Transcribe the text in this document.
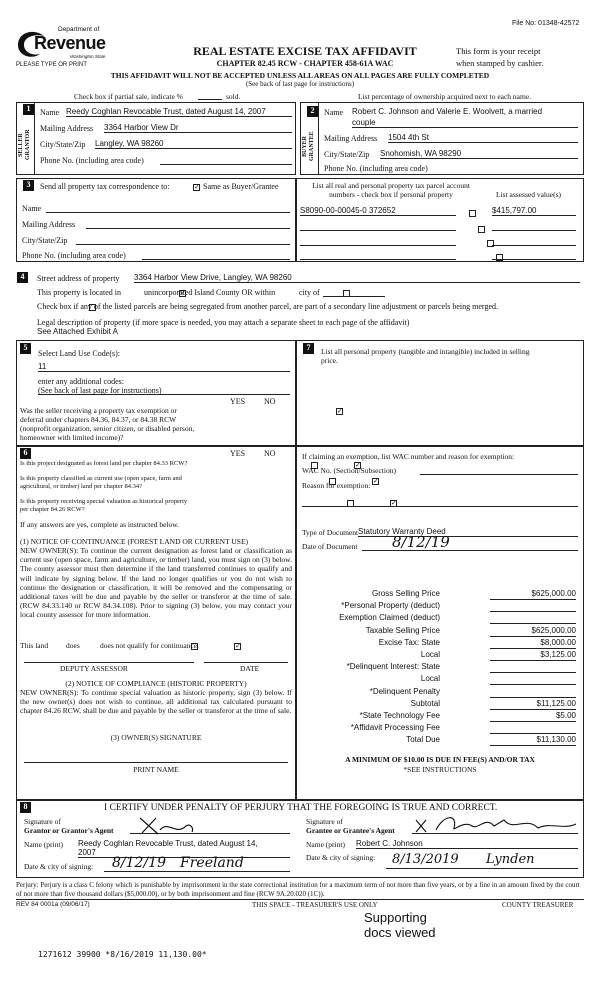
File No: 01348-42572
Department of
Revenue
Washington State
PLEASE TYPE OR PRINT
REAL ESTATE EXCISE TAX AFFIDAVIT
CHAPTER 82.45 RCW - CHAPTER 458-61A WAC
This form is your receipt
when stamped by cashier.
THIS AFFIDAVIT WILL NOT BE ACCEPTED UNLESS ALL AREAS ON ALL PAGES ARE FULLY COMPLETED
(See back of last page for instructions)
Check box if partial sale, indicate %	sold.	List percentage of ownership acquired next to each name.
1
SELLER GRANTOR
Name Reedy Coghlan Revocable Trust, dated August 14, 2007
Mailing Address 3364 Harbor View Dr
City/State/Zip Langley, WA 98260
Phone No. (including area code)
2
BUYER GRANTEE
Name Robert C. Johnson and Valerie E. Woolvett, a married
couple
Mailing Address 1504 4th St
City/State/Zip Snohomish, WA 98290
Phone No. (including area code)
3	Send all property tax correspondence to: ✓	Same as Buyer/Grantee
Name
Mailing Address
City/State/Zip
Phone No. (including area code)
List all real and personal property tax parcel account
numbers - check box if personal property	List assessed value(s)
S8090-00-00045-0 372652
	$415,797.00

4	Street address of property 3364 Harbor View Drive, Langley, WA 98260
This property is located in ✓	unincorporated Island County OR within
	city of

Check box if any of the listed parcels are being segregated from another parcel, are part of a secondary line adjustment or parcels being merged.
Legal description of property (if more space is needed, you may attach a separate sheet to each page of the affidavit)
See Attached Exhibit A
5
Select Land Use Code(s):
11
enter any additional codes:
(See back of last page for instructions)
YES NO
Was the seller receiving a property tax exemption or
deferral under chapters 84.36, 84.37, or 84.38 RCW
(nonprofit organization, senior citizen, or disabled person,
homeowner with limited income)?
✓
7	List all personal property (tangible and intangible) included in selling
price.
6	YES NO
Is this project designated as forest land per chapter 84.33 RCW?
✓
Is this property classified as current use (open space, farm and
agricultural, or timber) land per chapter 84.34?
✓
Is this property receiving special valuation as historical property
per chapter 84.26 RCW?
✓
If any answers are yes, complete as instructed below.
(1) NOTICE OF CONTINUANCE (FOREST LAND OR CURRENT USE)
NEW OWNER(S): To continue the current designation as forest land or classification as current use (open space, farm and agriculture, or timber) land, you must sign on (3) below. The county assessor must then determine if the land transferred continues to qualify and will indicate by signing below. If the land no longer qualifies or you do not wish to continue the designation or classification, it will be removed and the compensating or additional taxes will be due and payable by the seller or transferor at the time of sale. (RCW 84.33.140 or RCW 84.34.108). Prior to signing (3) below, you may contact your local county assessor for more information.
This land
does ✓	does not qualify for continuance.
DEPUTY ASSESSOR	DATE
(2) NOTICE OF COMPLIANCE (HISTORIC PROPERTY)
NEW OWNER(S): To continue special valuation as historic property, sign (3) below. If the new owner(s) does not wish to continue, all additional tax calculated pursuant to chapter 84.26 RCW, shall be due and payable by the seller or transferor at the time of sale.
(3) OWNER(S) SIGNATURE
PRINT NAME
If claiming an exemption, list WAC number and reason for exemption:
WAC No. (Section/Subsection)
Reason for exemption:
Type of Document Statutory Warranty Deed
Date of Document	8/12/19
Gross Selling Price	$625,000.00
*Personal Property (deduct)
Exemption Claimed (deduct)
Taxable Selling Price	$625,000.00
Excise Tax: State	$8,000.00
Local	$3,125.00
*Delinquent Interest: State
Local
*Delinquent Penalty
Subtotal	$11,125.00
*State Technology Fee	$5.00
*Affidavit Processing Fee
Total Due	$11,130.00
A MINIMUM OF $10.00 IS DUE IN FEE(S) AND/OR TAX
*SEE INSTRUCTIONS
8	I CERTIFY UNDER PENALTY OF PERJURY THAT THE FOREGOING IS TRUE AND CORRECT.
Signature of
Grantor or Grantor's Agent
Name (print) Reedy Coghlan Revocable Trust, dated August 14,
2007
Date & city of signing: 8/12/19 Freeland
Signature of
Grantee or Grantee's Agent
Name (print) Robert C. Johnson
Date & city of signing: 8/13/2019 Lynden
Perjury: Perjury is a class C felony which is punishable by imprisonment in the state correctional institution for a maximum term of not more than five years, or by a fine in an amount fixed by the court of not more than five thousand dollars ($5,000.00), or by both imprisonment and fine (RCW 9A.20.020 (1C)).
REV 84 0001a (09/06/17)	THIS SPACE - TREASURER'S USE ONLY	COUNTY TREASURER
Supporting
docs viewed
1271612 39900 *8/16/2019 11,130.00*
